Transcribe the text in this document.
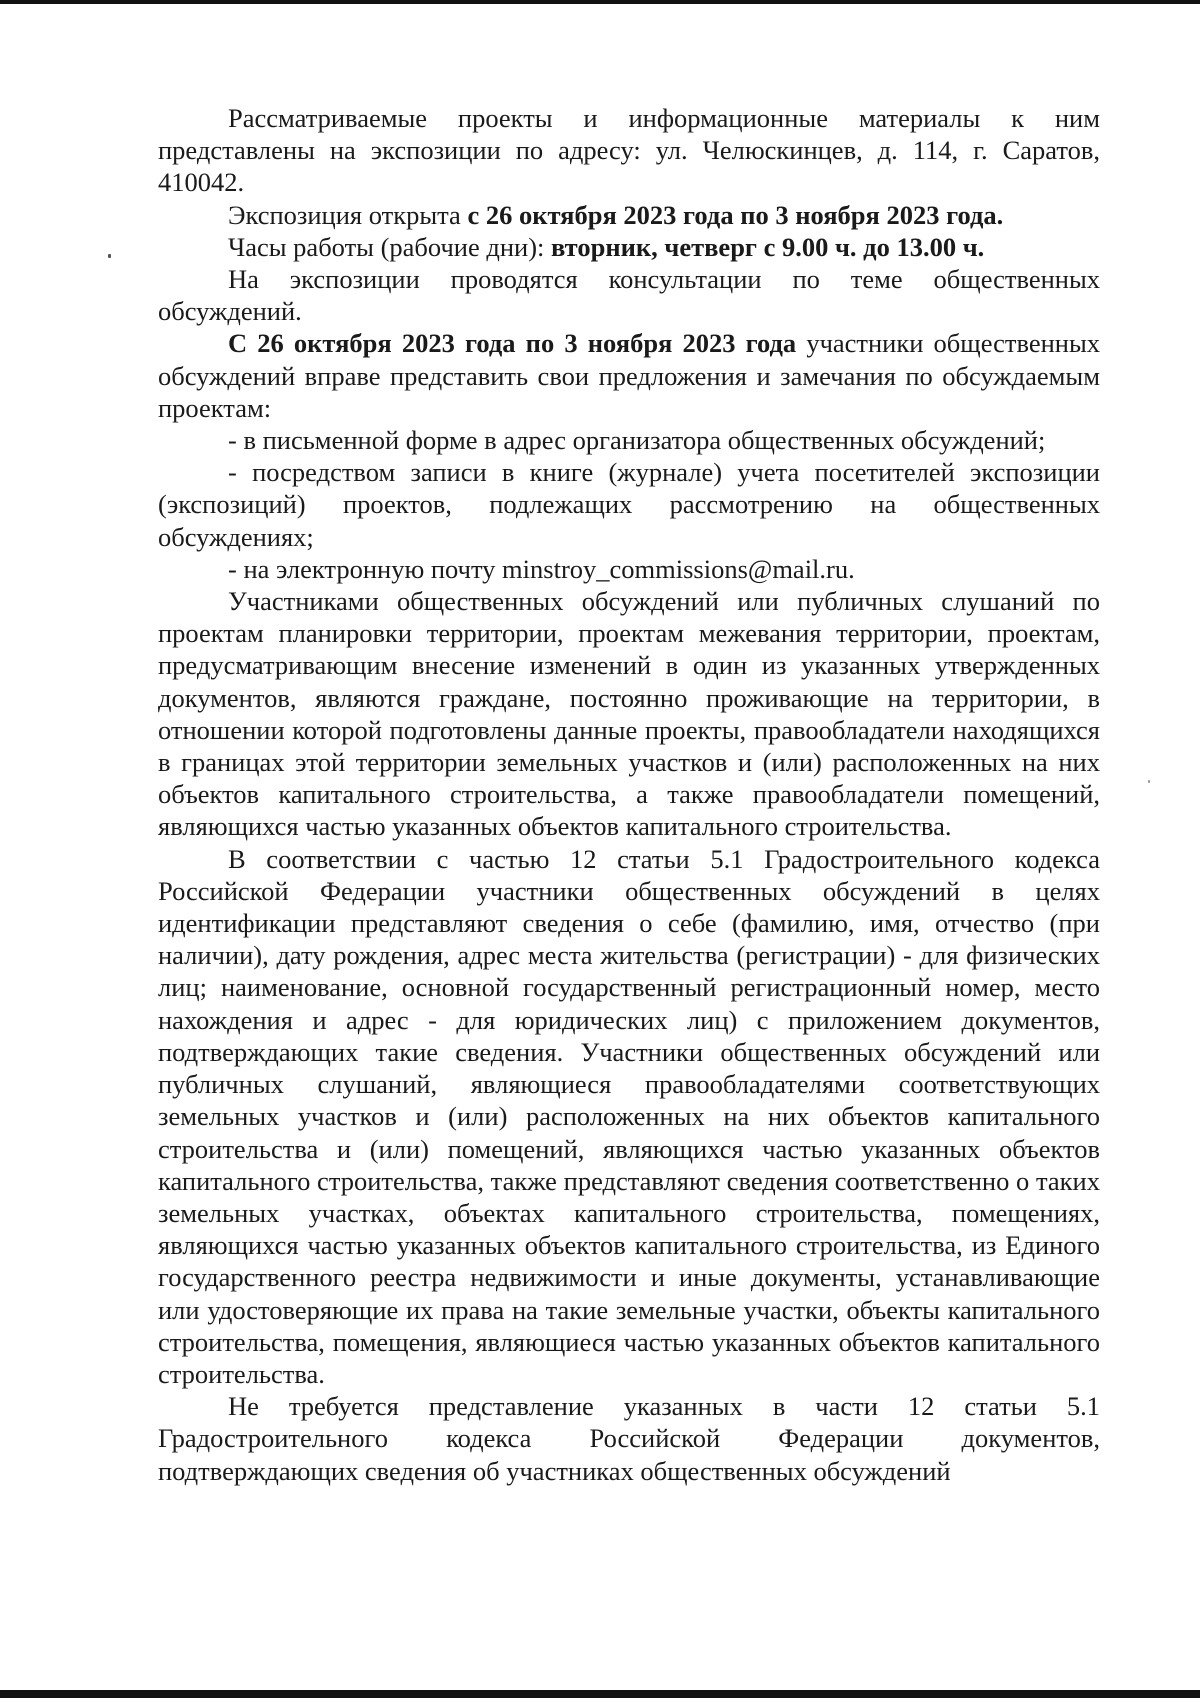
Рассматриваемые проекты и информационные материалы к ним представлены на экспозиции по адресу: ул. Челюскинцев, д. 114, г. Саратов, 410042.

Экспозиция открыта с 26 октября 2023 года по 3 ноября 2023 года.

Часы работы (рабочие дни): вторник, четверг с 9.00 ч. до 13.00 ч.

На экспозиции проводятся консультации по теме общественных обсуждений.

С 26 октября 2023 года по 3 ноября 2023 года участники общественных обсуждений вправе представить свои предложения и замечания по обсуждаемым проектам:

- в письменной форме в адрес организатора общественных обсуждений;

- посредством записи в книге (журнале) учета посетителей экспозиции (экспозиций) проектов, подлежащих рассмотрению на общественных обсуждениях;

- на электронную почту minstroy_commissions@mail.ru.

Участниками общественных обсуждений или публичных слушаний по проектам планировки территории, проектам межевания территории, проектам, предусматривающим внесение изменений в один из указанных утвержденных документов, являются граждане, постоянно проживающие на территории, в отношении которой подготовлены данные проекты, правообладатели находящихся в границах этой территории земельных участков и (или) расположенных на них объектов капитального строительства, а также правообладатели помещений, являющихся частью указанных объектов капитального строительства.

В соответствии с частью 12 статьи 5.1 Градостроительного кодекса Российской Федерации участники общественных обсуждений в целях идентификации представляют сведения о себе (фамилию, имя, отчество (при наличии), дату рождения, адрес места жительства (регистрации) - для физических лиц; наименование, основной государственный регистрационный номер, место нахождения и адрес - для юридических лиц) с приложением документов, подтверждающих такие сведения. Участники общественных обсуждений или публичных слушаний, являющиеся правообладателями соответствующих земельных участков и (или) расположенных на них объектов капитального строительства и (или) помещений, являющихся частью указанных объектов капитального строительства, также представляют сведения соответственно о таких земельных участках, объектах капитального строительства, помещениях, являющихся частью указанных объектов капитального строительства, из Единого государственного реестра недвижимости и иные документы, устанавливающие или удостоверяющие их права на такие земельные участки, объекты капитального строительства, помещения, являющиеся частью указанных объектов капитального строительства.

Не требуется представление указанных в части 12 статьи 5.1 Градостроительного кодекса Российской Федерации документов, подтверждающих сведения об участниках общественных обсуждений
